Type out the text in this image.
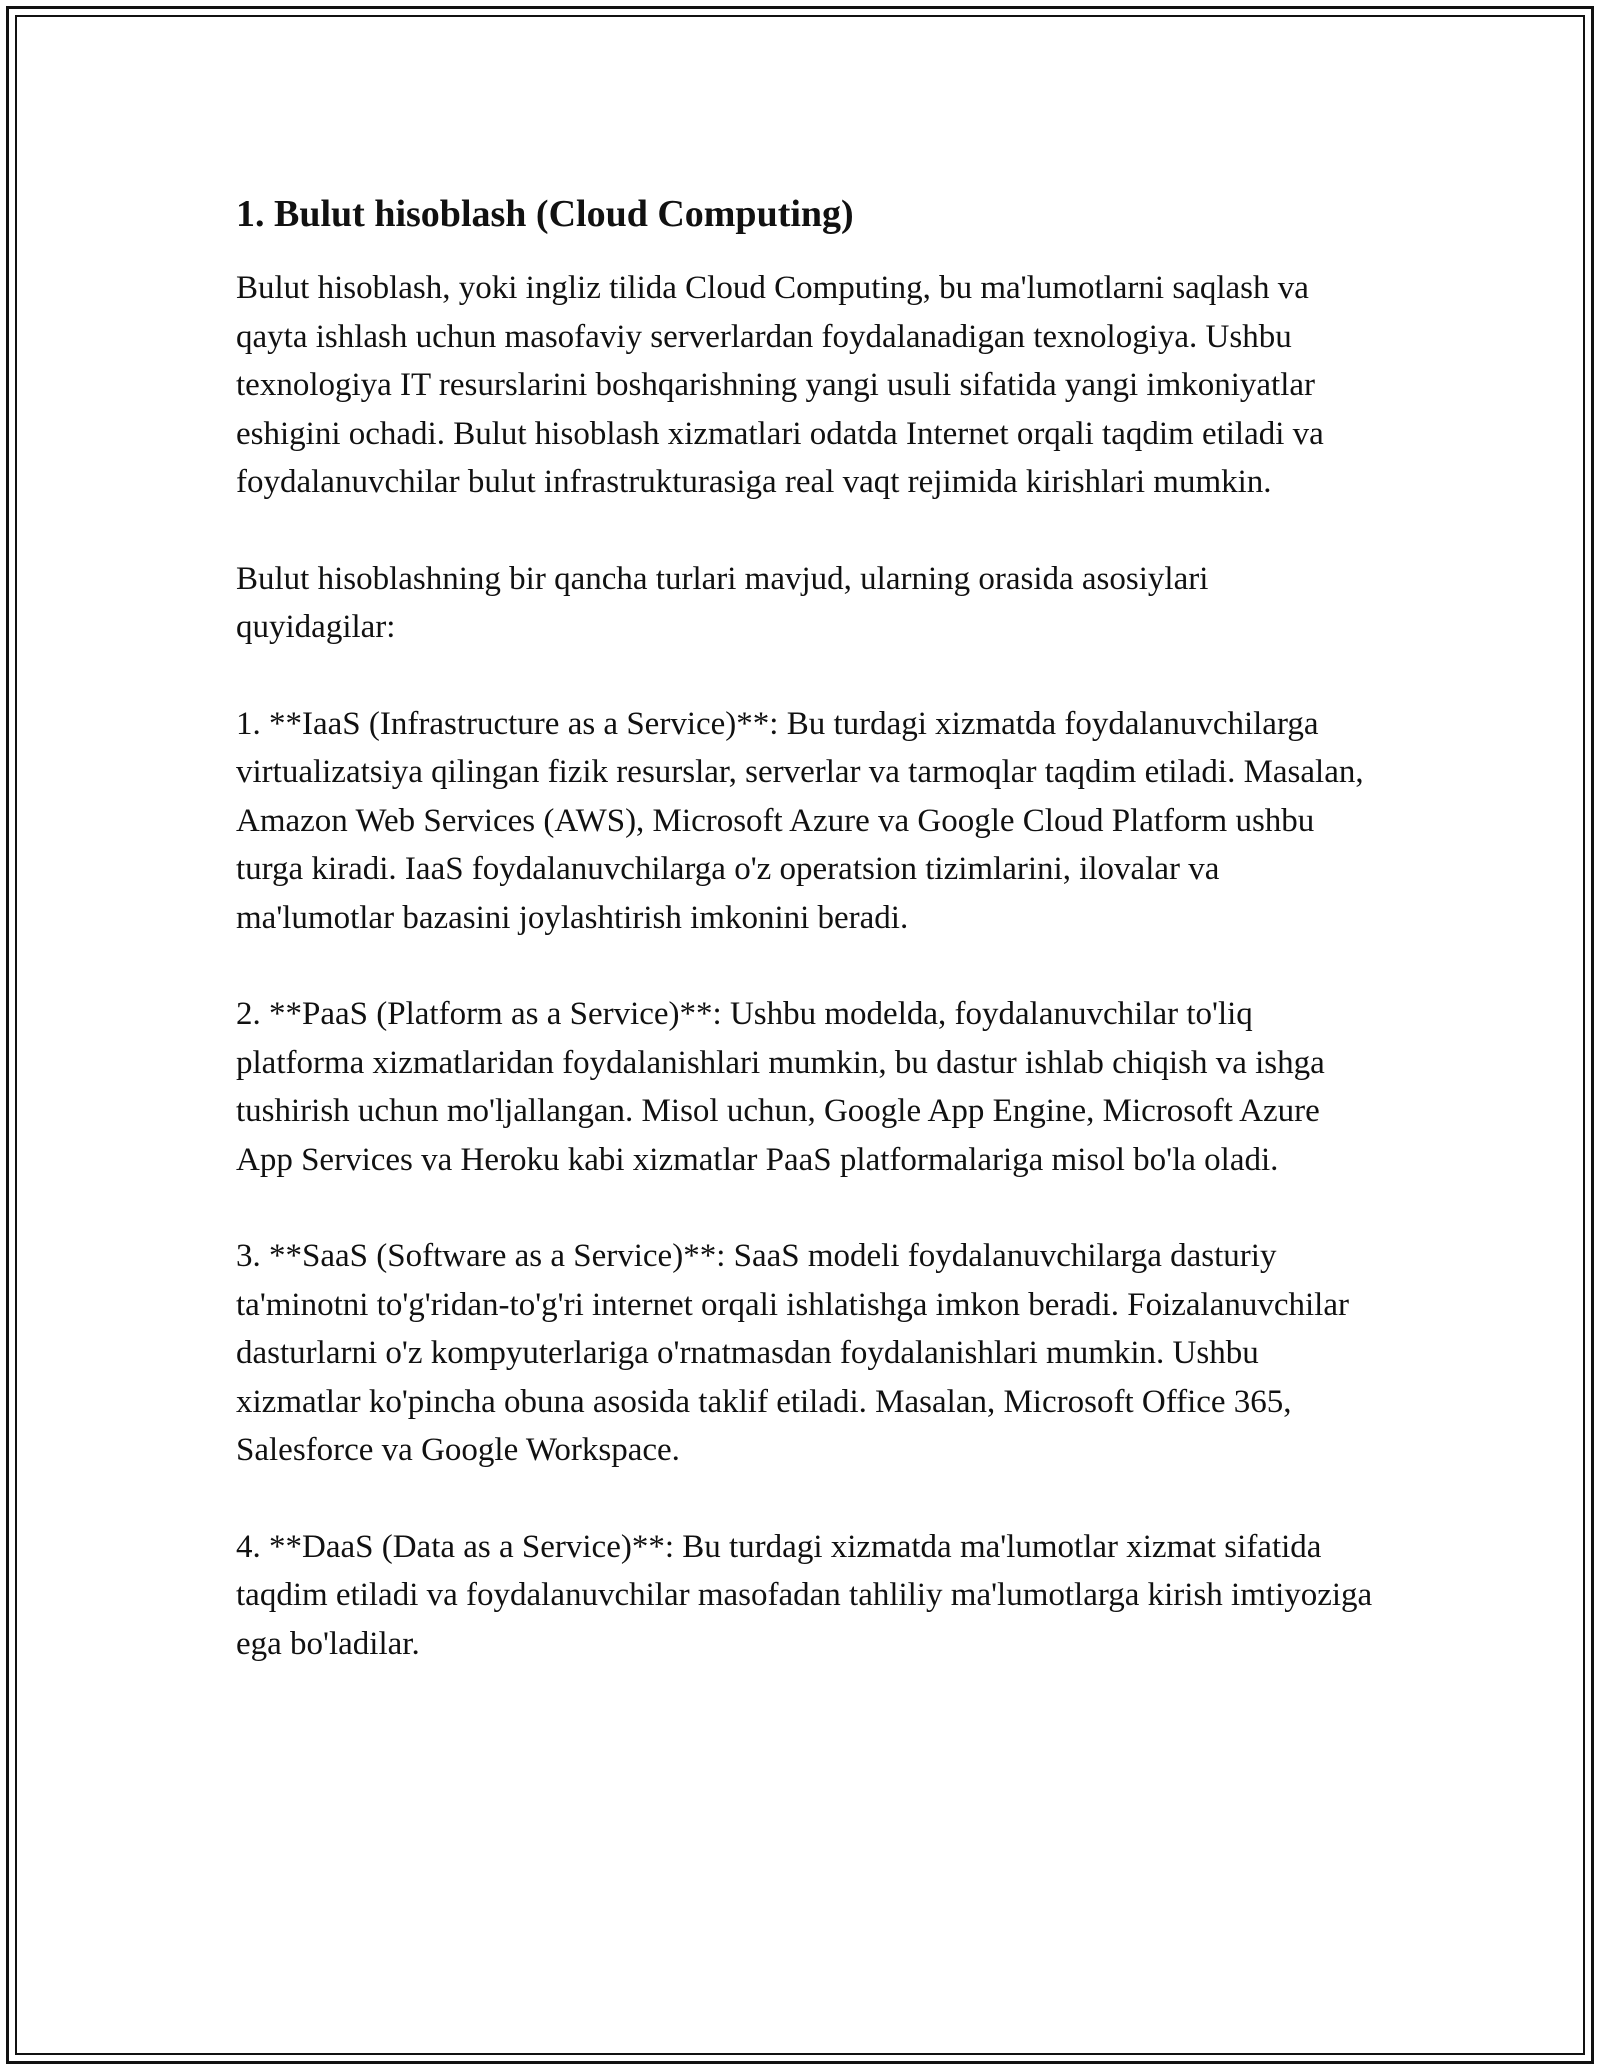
1. Bulut hisoblash (Cloud Computing)

Bulut hisoblash, yoki ingliz tilida Cloud Computing, bu ma'lumotlarni saqlash va qayta ishlash uchun masofaviy serverlardan foydalanadigan texnologiya. Ushbu texnologiya IT resurslarini boshqarishning yangi usuli sifatida yangi imkoniyatlar eshigini ochadi. Bulut hisoblash xizmatlari odatda Internet orqali taqdim etiladi va foydalanuvchilar bulut infrastrukturasiga real vaqt rejimida kirishlari mumkin.

Bulut hisoblashning bir qancha turlari mavjud, ularning orasida asosiylari quyidagilar:

1. **IaaS (Infrastructure as a Service)**: Bu turdagi xizmatda foydalanuvchilarga virtualizatsiya qilingan fizik resurslar, serverlar va tarmoqlar taqdim etiladi. Masalan, Amazon Web Services (AWS), Microsoft Azure va Google Cloud Platform ushbu turga kiradi. IaaS foydalanuvchilarga o'z operatsion tizimlarini, ilovalar va ma'lumotlar bazasini joylashtirish imkonini beradi.

2. **PaaS (Platform as a Service)**: Ushbu modelda, foydalanuvchilar to'liq platforma xizmatlaridan foydalanishlari mumkin, bu dastur ishlab chiqish va ishga tushirish uchun mo'ljallangan. Misol uchun, Google App Engine, Microsoft Azure App Services va Heroku kabi xizmatlar PaaS platformalariga misol bo'la oladi.

3. **SaaS (Software as a Service)**: SaaS modeli foydalanuvchilarga dasturiy ta'minotni to'g'ridan-to'g'ri internet orqali ishlatishga imkon beradi. Foizalanuvchilar dasturlarni o'z kompyuterlariga o'rnatmasdan foydalanishlari mumkin. Ushbu xizmatlar ko'pincha obuna asosida taklif etiladi. Masalan, Microsoft Office 365, Salesforce va Google Workspace.

4. **DaaS (Data as a Service)**: Bu turdagi xizmatda ma'lumotlar xizmat sifatida taqdim etiladi va foydalanuvchilar masofadan tahliliy ma'lumotlarga kirish imtiyoziga ega bo'ladilar.
